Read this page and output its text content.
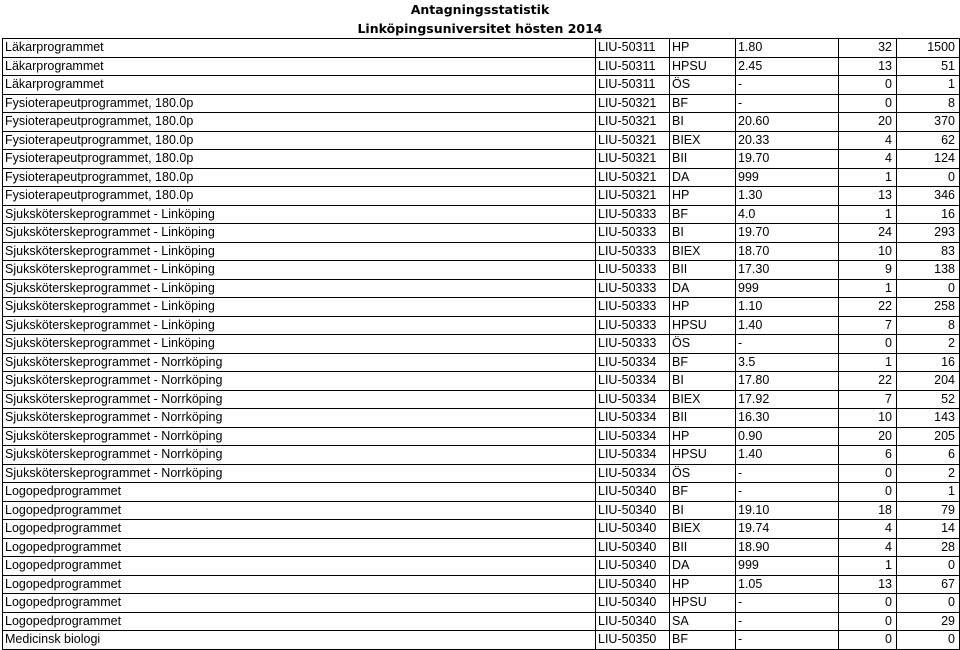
Antagningsstatistik
Linköpingsuniversitet hösten 2014
Läkarprogrammet	LIU-50311	HP	1.80	32	1500
Läkarprogrammet	LIU-50311	HPSU	2.45	13	51
Läkarprogrammet	LIU-50311	ÖS	-	0	1
Fysioterapeutprogrammet, 180.0p	LIU-50321	BF	-	0	8
Fysioterapeutprogrammet, 180.0p	LIU-50321	BI	20.60	20	370
Fysioterapeutprogrammet, 180.0p	LIU-50321	BIEX	20.33	4	62
Fysioterapeutprogrammet, 180.0p	LIU-50321	BII	19.70	4	124
Fysioterapeutprogrammet, 180.0p	LIU-50321	DA	999	1	0
Fysioterapeutprogrammet, 180.0p	LIU-50321	HP	1.30	13	346
Sjuksköterskeprogrammet - Linköping	LIU-50333	BF	4.0	1	16
Sjuksköterskeprogrammet - Linköping	LIU-50333	BI	19.70	24	293
Sjuksköterskeprogrammet - Linköping	LIU-50333	BIEX	18.70	10	83
Sjuksköterskeprogrammet - Linköping	LIU-50333	BII	17.30	9	138
Sjuksköterskeprogrammet - Linköping	LIU-50333	DA	999	1	0
Sjuksköterskeprogrammet - Linköping	LIU-50333	HP	1.10	22	258
Sjuksköterskeprogrammet - Linköping	LIU-50333	HPSU	1.40	7	8
Sjuksköterskeprogrammet - Linköping	LIU-50333	ÖS	-	0	2
Sjuksköterskeprogrammet - Norrköping	LIU-50334	BF	3.5	1	16
Sjuksköterskeprogrammet - Norrköping	LIU-50334	BI	17.80	22	204
Sjuksköterskeprogrammet - Norrköping	LIU-50334	BIEX	17.92	7	52
Sjuksköterskeprogrammet - Norrköping	LIU-50334	BII	16.30	10	143
Sjuksköterskeprogrammet - Norrköping	LIU-50334	HP	0.90	20	205
Sjuksköterskeprogrammet - Norrköping	LIU-50334	HPSU	1.40	6	6
Sjuksköterskeprogrammet - Norrköping	LIU-50334	ÖS	-	0	2
Logopedprogrammet	LIU-50340	BF	-	0	1
Logopedprogrammet	LIU-50340	BI	19.10	18	79
Logopedprogrammet	LIU-50340	BIEX	19.74	4	14
Logopedprogrammet	LIU-50340	BII	18.90	4	28
Logopedprogrammet	LIU-50340	DA	999	1	0
Logopedprogrammet	LIU-50340	HP	1.05	13	67
Logopedprogrammet	LIU-50340	HPSU	-	0	0
Logopedprogrammet	LIU-50340	SA	-	0	29
Medicinsk biologi	LIU-50350	BF	-	0	0
